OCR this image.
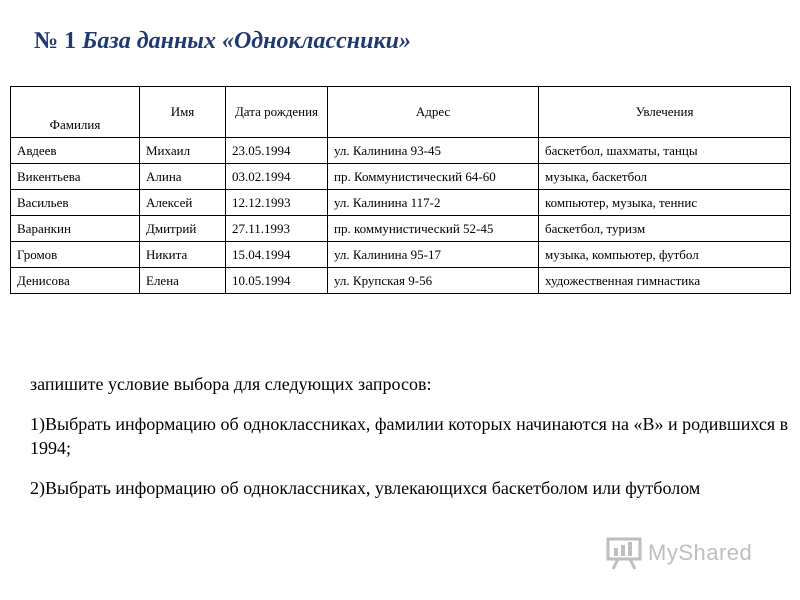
№ 1 База данных «Одноклассники»
Фамилия	Имя	Дата рождения	Адрес	Увлечения
Авдеев	Михаил	23.05.1994	ул. Калинина 93-45	баскетбол, шахматы, танцы
Викентьева	Алина	03.02.1994	пр. Коммунистический 64-60	музыка, баскетбол
Васильев	Алексей	12.12.1993	ул. Калинина 117-2	компьютер, музыка, теннис
Варанкин	Дмитрий	27.11.1993	пр. коммунистический 52-45	баскетбол, туризм
Громов	Никита	15.04.1994	ул. Калинина 95-17	музыка, компьютер, футбол
Денисова	Елена	10.05.1994	ул. Крупская 9-56	художественная гимнастика

запишите условие выбора для следующих запросов:

1)Выбрать информацию об одноклассниках, фамилии которых начинаются на «В» и родившихся в 1994;

2)Выбрать информацию об одноклассниках, увлекающихся баскетболом или футболом

MyShared
